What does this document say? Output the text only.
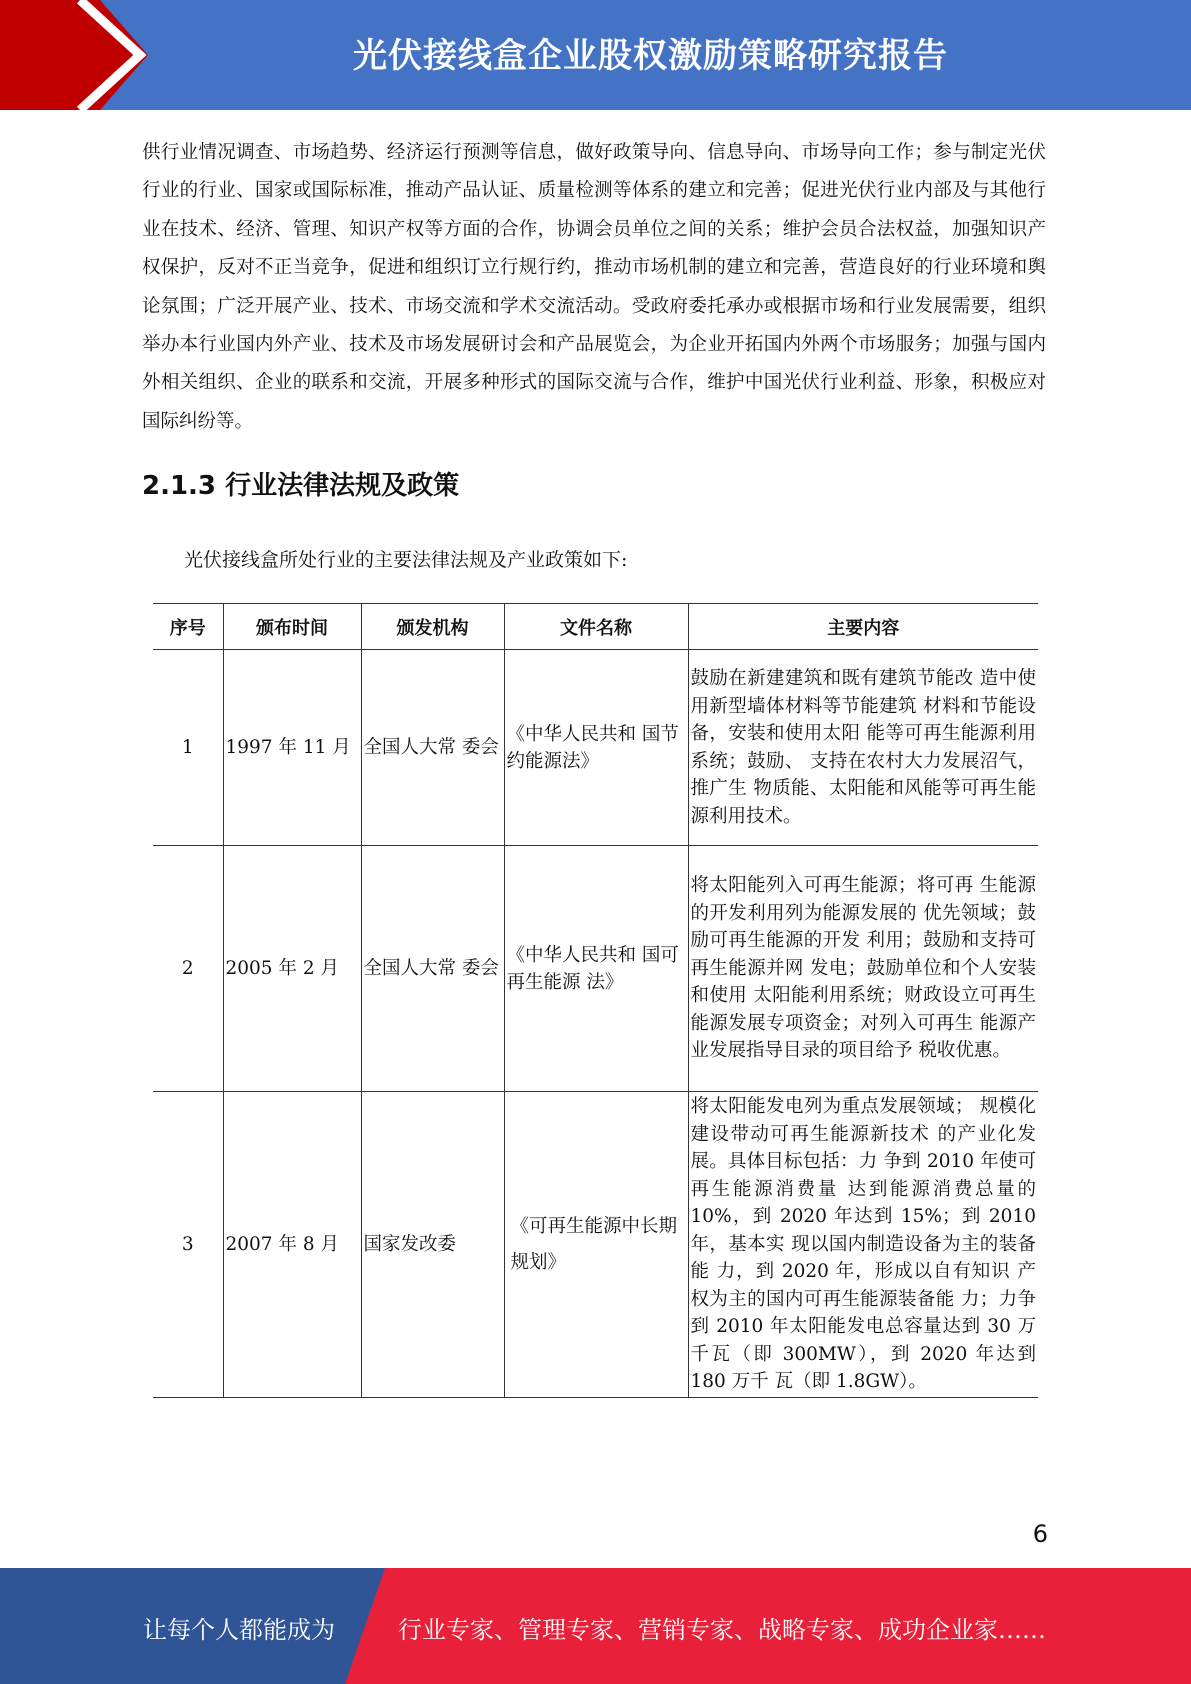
光伏接线盒企业股权激励策略研究报告
供行业情况调查、市场趋势、经济运行预测等信息，做好政策导向、信息导向、市场导向工作；参与制定光伏行业的行业、国家或国际标准，推动产品认证、质量检测等体系的建立和完善；促进光伏行业内部及与其他行业在技术、经济、管理、知识产权等方面的合作，协调会员单位之间的关系；维护会员合法权益，加强知识产权保护，反对不正当竞争，促进和组织订立行规行约，推动市场机制的建立和完善，营造良好的行业环境和舆论氛围；广泛开展产业、技术、市场交流和学术交流活动。受政府委托承办或根据市场和行业发展需要，组织举办本行业国内外产业、技术及市场发展研讨会和产品展览会，为企业开拓国内外两个市场服务；加强与国内外相关组织、企业的联系和交流，开展多种形式的国际交流与合作，维护中国光伏行业利益、形象，积极应对国际纠纷等。
2.1.3 行业法律法规及政策
光伏接线盒所处行业的主要法律法规及产业政策如下:
序号	颁布时间	颁发机构	文件名称	主要内容
1	1997 年 11 月	全国人大常 委会	《中华人民共和 国节约能源法》	鼓励在新建建筑和既有建筑节能改 造中使用新型墙体材料等节能建筑 材料和节能设备，安装和使用太阳 能等可再生能源利用系统；鼓励、 支持在农村大力发展沼气，推广生 物质能、太阳能和风能等可再生能 源利用技术。
2	2005 年 2 月	全国人大常 委会	《中华人民共和 国可再生能源 法》	将太阳能列入可再生能源；将可再 生能源的开发利用列为能源发展的 优先领域；鼓励可再生能源的开发 利用；鼓励和支持可再生能源并网 发电；鼓励单位和个人安装和使用 太阳能利用系统；财政设立可再生 能源发展专项资金；对列入可再生 能源产业发展指导目录的项目给予 税收优惠。
3	2007 年 8 月	国家发改委	《可再生能源中长期规划》	将太阳能发电列为重点发展领域； 规模化建设带动可再生能源新技术 的产业化发展。具体目标包括：力 争到 2010 年使可再生能源消费量 达到能源消费总量的 10%，到 2020 年达到 15%；到 2010 年，基本实 现以国内制造设备为主的装备能 力，到 2020 年，形成以自有知识 产权为主的国内可再生能源装备能 力；力争到 2010 年太阳能发电总容量达到 30 万千瓦（即 300MW），到 2020 年达到 180 万千 瓦（即 1.8GW）。
6
让每个人都能成为	行业专家、管理专家、营销专家、战略专家、成功企业家……
